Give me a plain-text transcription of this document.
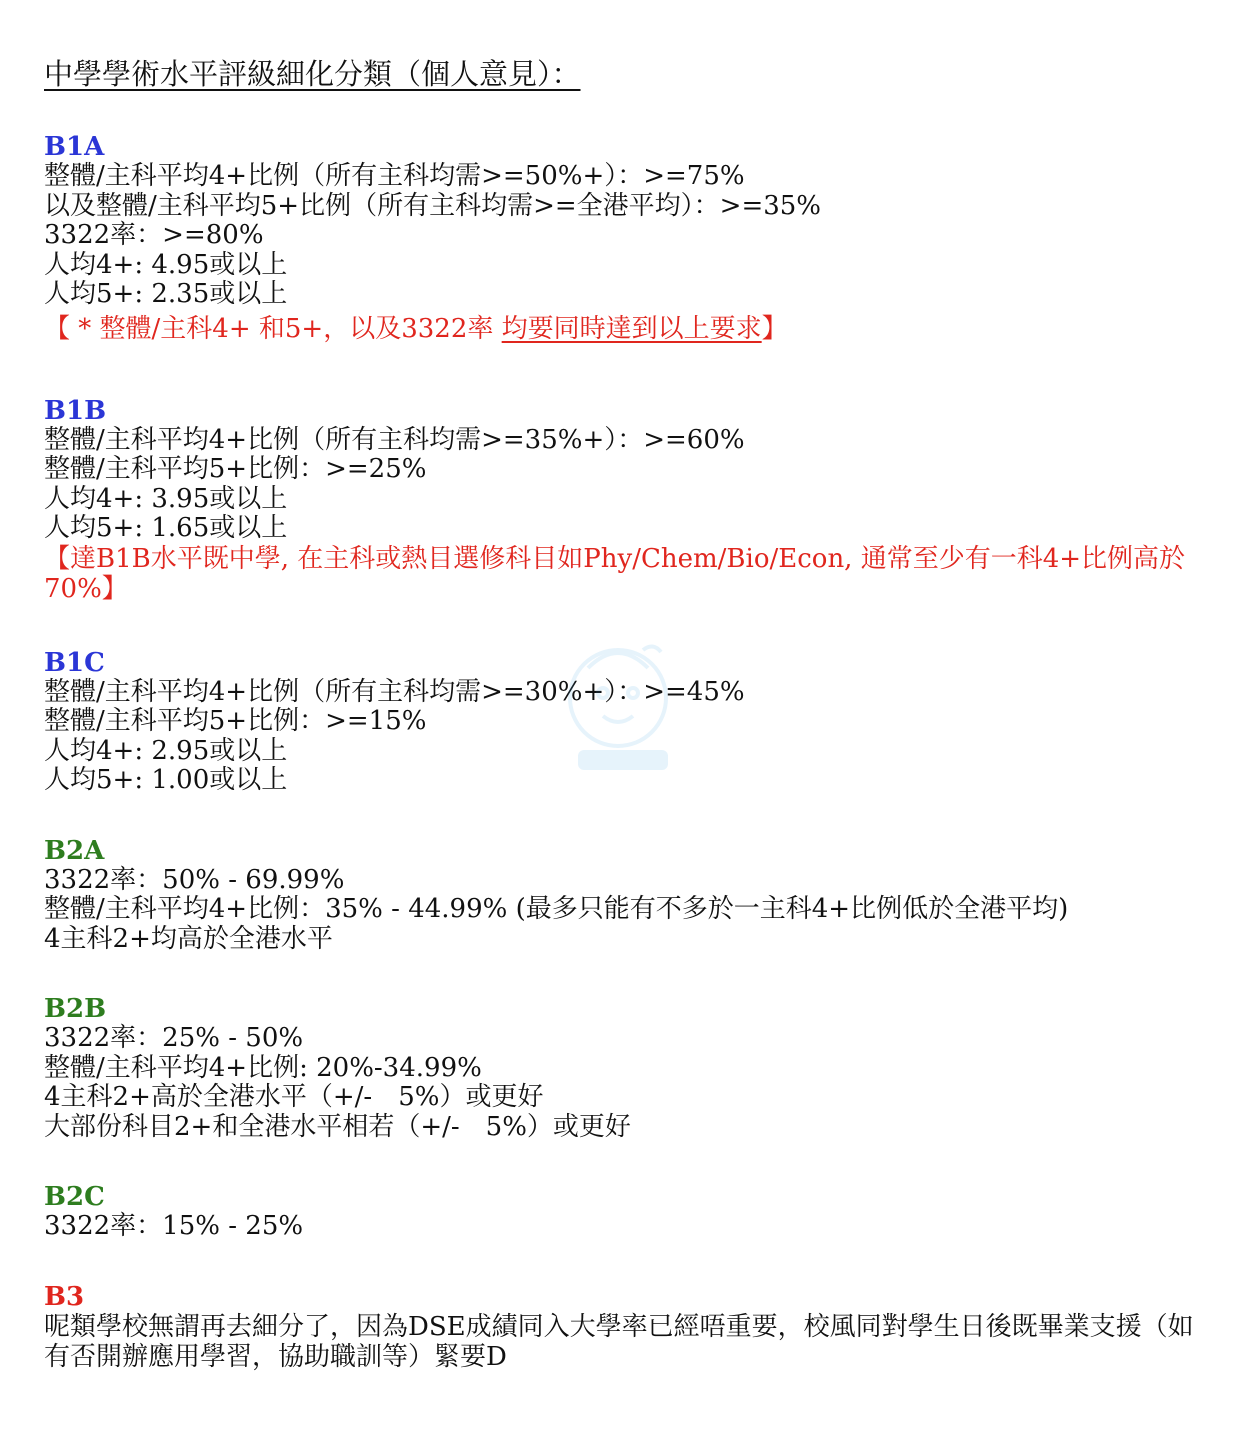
中學學術水平評級細化分類（個人意見）：
B1A
整體/主科平均4+比例（所有主科均需>=50%+）：>=75%
以及整體/主科平均5+比例（所有主科均需>=全港平均）：>=35%
3322率：>=80%
人均4+: 4.95或以上
人均5+: 2.35或以上
【 * 整體/主科4+ 和5+，以及3322率 均要同時達到以上要求】
B1B
整體/主科平均4+比例（所有主科均需>=35%+）：>=60%
整體/主科平均5+比例：>=25%
人均4+: 3.95或以上
人均5+: 1.65或以上
【達B1B水平既中學, 在主科或熱目選修科目如Phy/Chem/Bio/Econ, 通常至少有一科4+比例高於70%】
B1C
整體/主科平均4+比例（所有主科均需>=30%+）：>=45%
整體/主科平均5+比例：>=15%
人均4+: 2.95或以上
人均5+: 1.00或以上
B2A
3322率：50% - 69.99%
整體/主科平均4+比例：35% - 44.99% (最多只能有不多於一主科4+比例低於全港平均)
4主科2+均高於全港水平
B2B
3322率：25% - 50%
整體/主科平均4+比例: 20%-34.99%
4主科2+高於全港水平（+/-　5%）或更好
大部份科目2+和全港水平相若（+/-　5%）或更好
B2C
3322率：15% - 25%
B3
呢類學校無謂再去細分了，因為DSE成績同入大學率已經唔重要，校風同對學生日後既畢業支援（如有否開辦應用學習，協助職訓等）緊要D
